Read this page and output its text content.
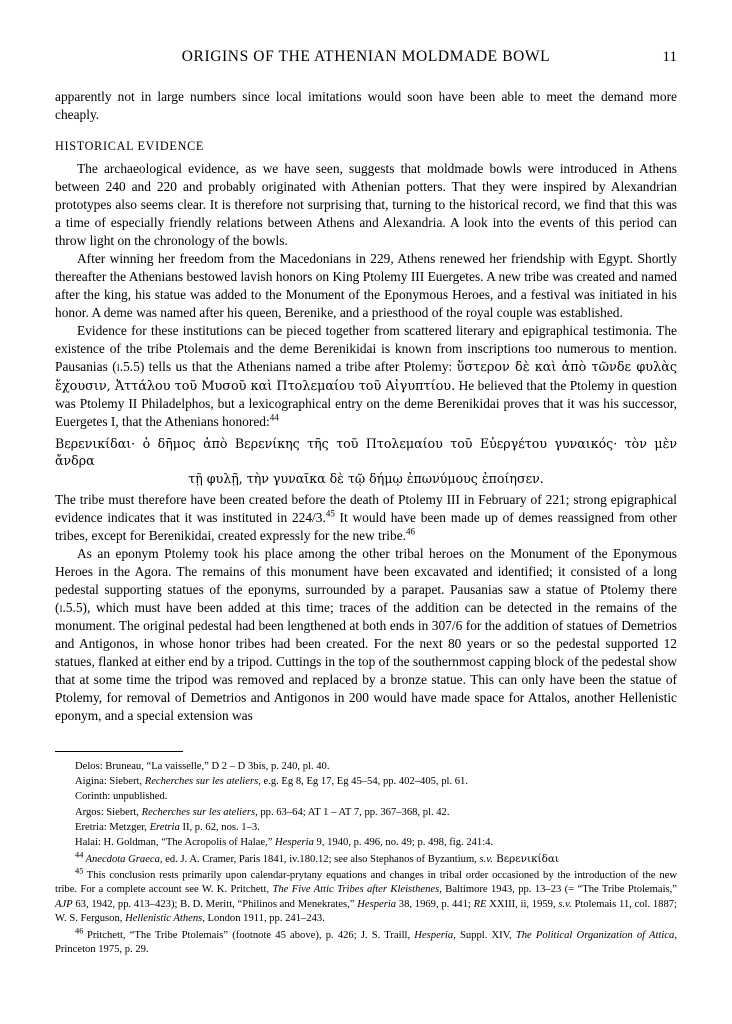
ORIGINS OF THE ATHENIAN MOLDMADE BOWL	11

apparently not in large numbers since local imitations would soon have been able to meet the demand more cheaply.

HISTORICAL EVIDENCE

The archaeological evidence, as we have seen, suggests that moldmade bowls were introduced in Athens between 240 and 220 and probably originated with Athenian potters. That they were inspired by Alexandrian prototypes also seems clear. It is therefore not surprising that, turning to the historical record, we find that this was a time of especially friendly relations between Athens and Alexandria. A look into the events of this period can throw light on the chronology of the bowls.

After winning her freedom from the Macedonians in 229, Athens renewed her friendship with Egypt. Shortly thereafter the Athenians bestowed lavish honors on King Ptolemy III Euergetes. A new tribe was created and named after the king, his statue was added to the Monument of the Eponymous Heroes, and a festival was initiated in his honor. A deme was named after his queen, Berenike, and a priesthood of the royal couple was established.

Evidence for these institutions can be pieced together from scattered literary and epigraphical testimonia. The existence of the tribe Ptolemais and the deme Berenikidai is known from inscriptions too numerous to mention. Pausanias (i.5.5) tells us that the Athenians named a tribe after Ptolemy: ὕστερον δὲ καὶ ἀπὸ τῶνδε φυλὰς ἔχουσιν, Ἀττάλου τοῦ Μυσοῦ καὶ Πτολεμαίου τοῦ Αἰγυπτίου. He believed that the Ptolemy in question was Ptolemy II Philadelphos, but a lexicographical entry on the deme Berenikidai proves that it was his successor, Euergetes I, that the Athenians honored:$^{44}$

Βερενικίδαι· ὁ δῆμος ἀπὸ Βερενίκης τῆς τοῦ Πτολεμαίου τοῦ Εὐεργέτου γυναικός· τὸν μὲν ἄνδρα
τῇ φυλῇ, τὴν γυναῖκα δὲ τῷ δήμῳ ἐπωνύμους ἐποίησεν.

The tribe must therefore have been created before the death of Ptolemy III in February of 221; strong epigraphical evidence indicates that it was instituted in 224/3.45 It would have been made up of demes reassigned from other tribes, except for Berenikidai, created expressly for the new tribe.$^{46}$

As an eponym Ptolemy took his place among the other tribal heroes on the Monument of the Eponymous Heroes in the Agora. The remains of this monument have been excavated and identified; it consisted of a long pedestal supporting statues of the eponyms, surrounded by a parapet. Pausanias saw a statue of Ptolemy there (i.5.5), which must have been added at this time; traces of the addition can be detected in the remains of the monument. The original pedestal had been lengthened at both ends in 307/6 for the addition of statues of Demetrios and Antigonos, in whose honor tribes had been created. For the next 80 years or so the pedestal supported 12 statues, flanked at either end by a tripod. Cuttings in the top of the southernmost capping block of the pedestal show that at some time the tripod was removed and replaced by a bronze statue. This can only have been the statue of Ptolemy, for removal of Demetrios and Antigonos in 200 would have made space for Attalos, another Hellenistic eponym, and a special extension was

Delos: Bruneau, “La vaisselle,” D 2 – D 3bis, p. 240, pl. 40.

Aigina: Siebert, Recherches sur les ateliers, e.g. Eg 8, Eg 17, Eg 45–54, pp. 402–405, pl. 61.

Corinth: unpublished.

Argos: Siebert, Recherches sur les ateliers, pp. 63–64; AT 1 – AT 7, pp. 367–368, pl. 42.

Eretria: Metzger, Eretria II, p. 62, nos. 1–3.

Halai: H. Goldman, “The Acropolis of Halae,” Hesperia 9, 1940, p. 496, no. 49; p. 498, fig. 241:4.

$^{44}$ Anecdota Graeca, ed. J. A. Cramer, Paris 1841, iv.180.12; see also Stephanos of Byzantium, s.v. Βερενικίδαι

$^{45}$ This conclusion rests primarily upon calendar-prytany equations and changes in tribal order occasioned by the introduction of the new tribe. For a complete account see W. K. Pritchett, The Five Attic Tribes after Kleisthenes, Baltimore 1943, pp. 13–23 (= “The Tribe Ptolemais,” AJP 63, 1942, pp. 413–423); B. D. Meritt, “Philinos and Menekrates,” Hesperia 38, 1969, p. 441; RE XXIII, ii, 1959, s.v. Ptolemais 11, col. 1887; W. S. Ferguson, Hellenistic Athens, London 1911, pp. 241–243.

$^{46}$ Pritchett, “The Tribe Ptolemais” (footnote 45 above), p. 426; J. S. Traill, Hesperia, Suppl. XIV, The Political Organization of Attica, Princeton 1975, p. 29.
